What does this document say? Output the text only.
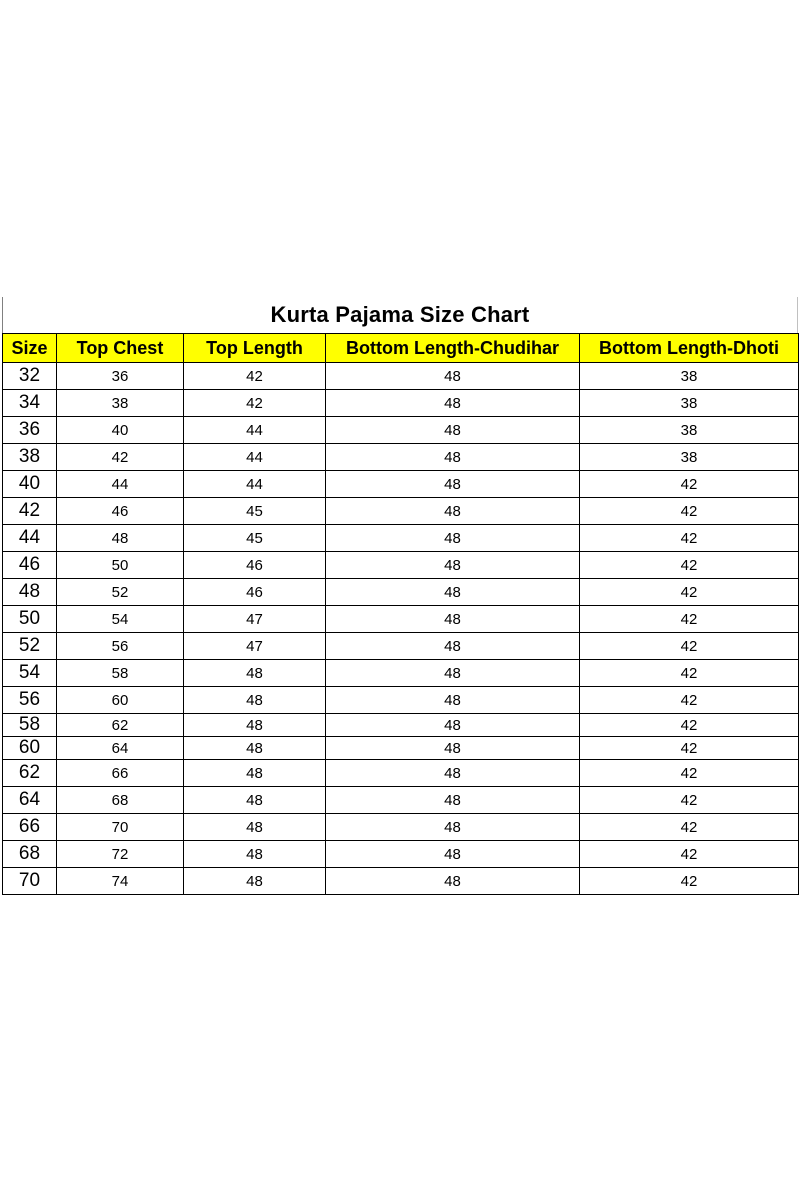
Kurta Pajama Size Chart
Size	Top Chest	Top Length	Bottom Length-Chudihar	Bottom Length-Dhoti
32	36	42	48	38
34	38	42	48	38
36	40	44	48	38
38	42	44	48	38
40	44	44	48	42
42	46	45	48	42
44	48	45	48	42
46	50	46	48	42
48	52	46	48	42
50	54	47	48	42
52	56	47	48	42
54	58	48	48	42
56	60	48	48	42
58	62	48	48	42
60	64	48	48	42
62	66	48	48	42
64	68	48	48	42
66	70	48	48	42
68	72	48	48	42
70	74	48	48	42
